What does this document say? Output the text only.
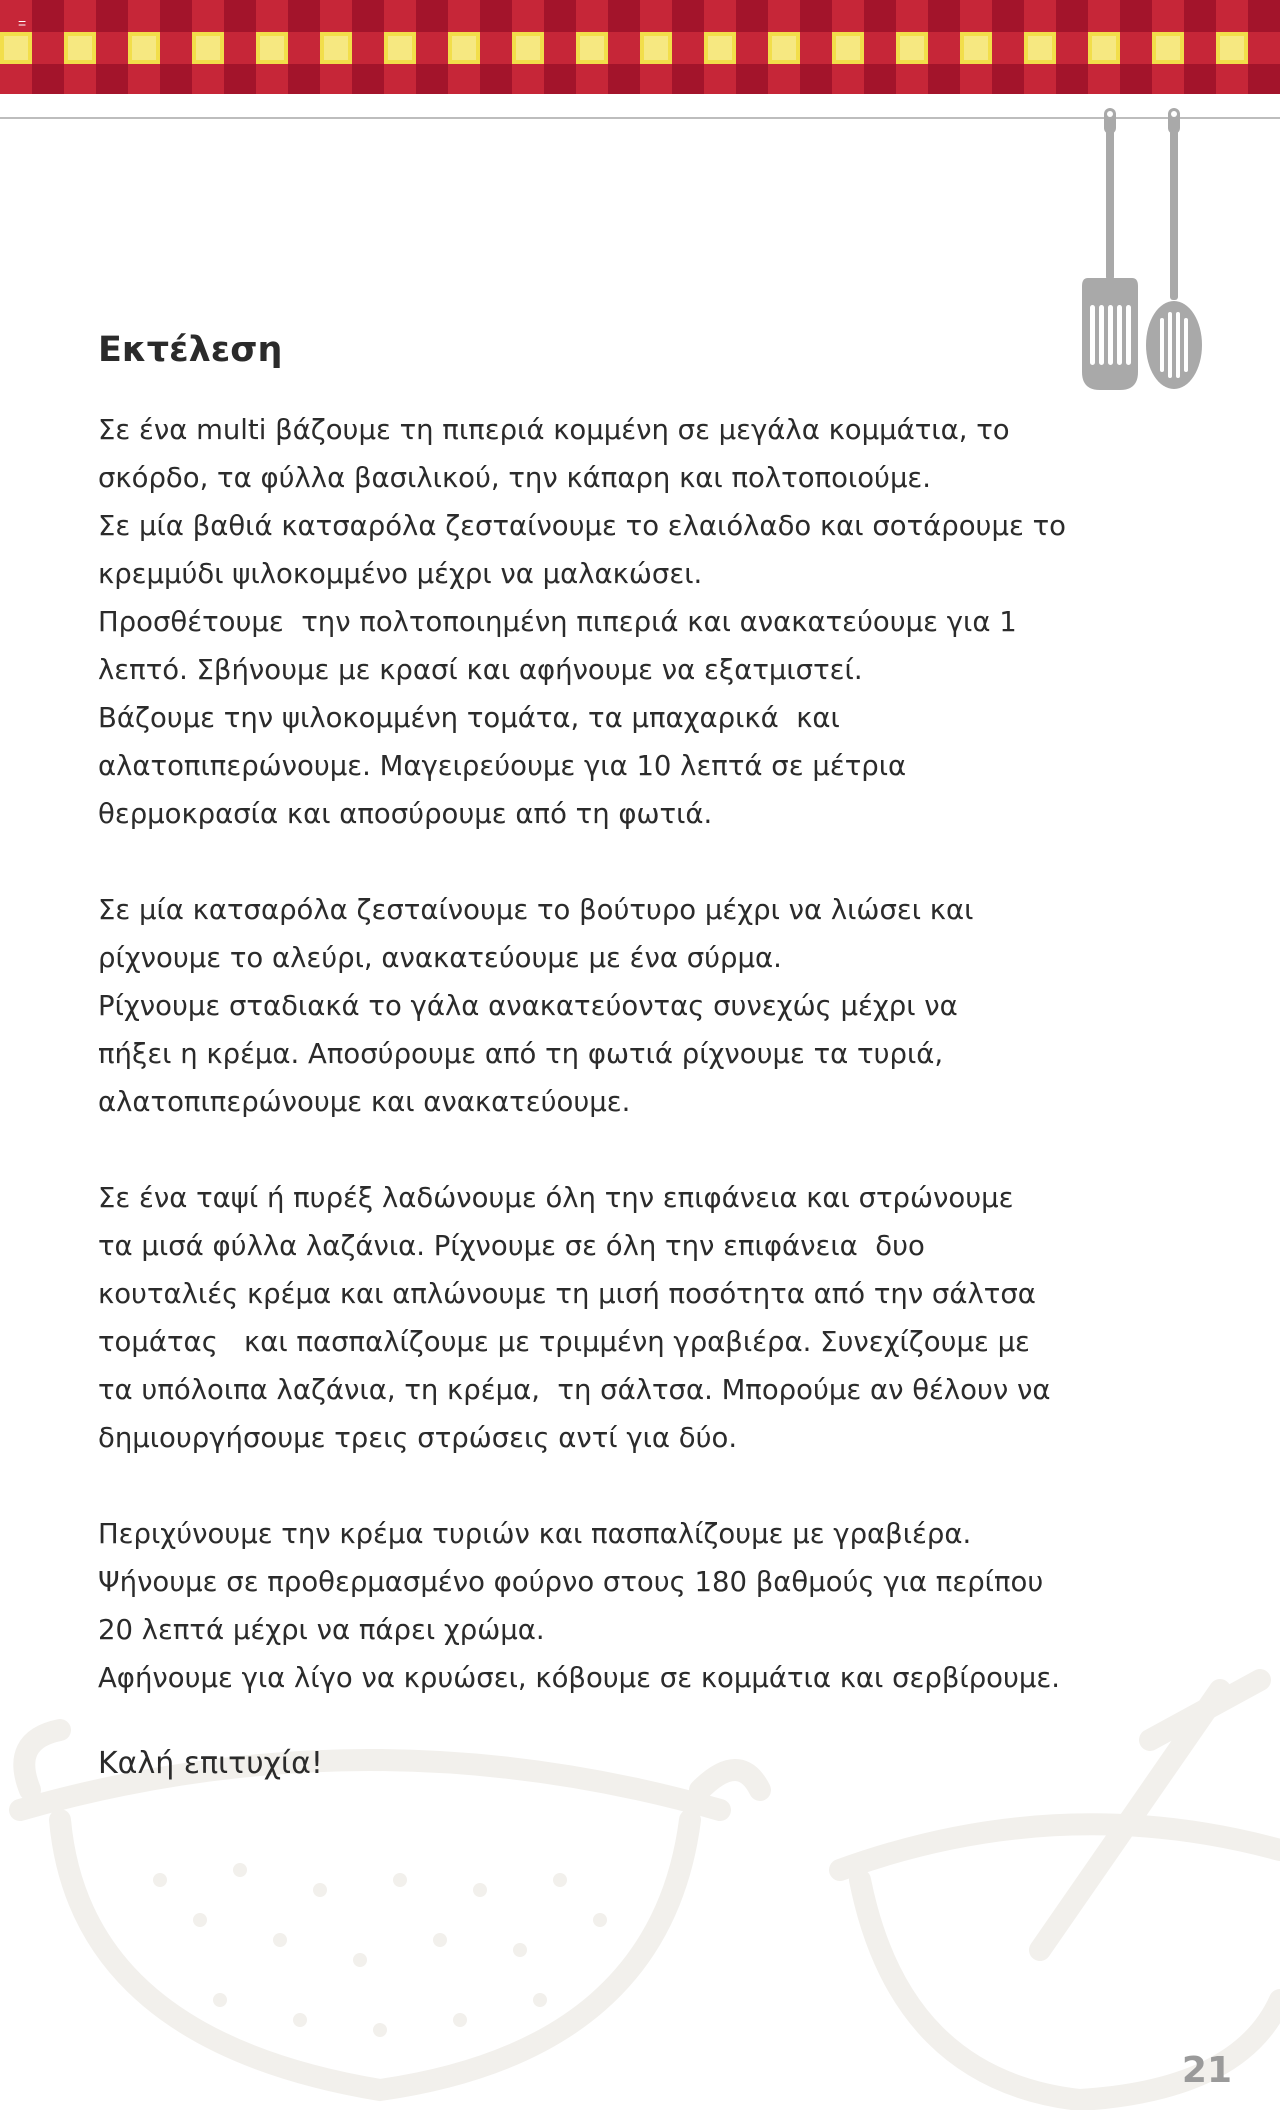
=
Εκτέλεση
Σε ένα multi βάζουμε τη πιπεριά κομμένη σε μεγάλα κομμάτια, το
σκόρδο, τα φύλλα βασιλικού, την κάπαρη και πολτοποιούμε.
Σε μία βαθιά κατσαρόλα ζεσταίνουμε το ελαιόλαδο και σοτάρουμε το
κρεμμύδι ψιλοκομμένο μέχρι να μαλακώσει.
Προσθέτουμε  την πολτοποιημένη πιπεριά και ανακατεύουμε για 1
λεπτό. Σβήνουμε με κρασί και αφήνουμε να εξατμιστεί.
Βάζουμε την ψιλοκομμένη τομάτα, τα μπαχαρικά  και
αλατοπιπερώνουμε. Μαγειρεύουμε για 10 λεπτά σε μέτρια
θερμοκρασία και αποσύρουμε από τη φωτιά.
Σε μία κατσαρόλα ζεσταίνουμε το βούτυρο μέχρι να λιώσει και
ρίχνουμε το αλεύρι, ανακατεύουμε με ένα σύρμα.
Ρίχνουμε σταδιακά το γάλα ανακατεύοντας συνεχώς μέχρι να
πήξει η κρέμα. Αποσύρουμε από τη φωτιά ρίχνουμε τα τυριά,
αλατοπιπερώνουμε και ανακατεύουμε.
Σε ένα ταψί ή πυρέξ λαδώνουμε όλη την επιφάνεια και στρώνουμε
τα μισά φύλλα λαζάνια. Ρίχνουμε σε όλη την επιφάνεια  δυο
κουταλιές κρέμα και απλώνουμε τη μισή ποσότητα από την σάλτσα
τομάτας   και πασπαλίζουμε με τριμμένη γραβιέρα. Συνεχίζουμε με
τα υπόλοιπα λαζάνια, τη κρέμα,  τη σάλτσα. Μπορούμε αν θέλουν να
δημιουργήσουμε τρεις στρώσεις αντί για δύο.
Περιχύνουμε την κρέμα τυριών και πασπαλίζουμε με γραβιέρα.
Ψήνουμε σε προθερμασμένο φούρνο στους 180 βαθμούς για περίπου
20 λεπτά μέχρι να πάρει χρώμα.
Αφήνουμε για λίγο να κρυώσει, κόβουμε σε κομμάτια και σερβίρουμε.
Καλή επιτυχία!
21
